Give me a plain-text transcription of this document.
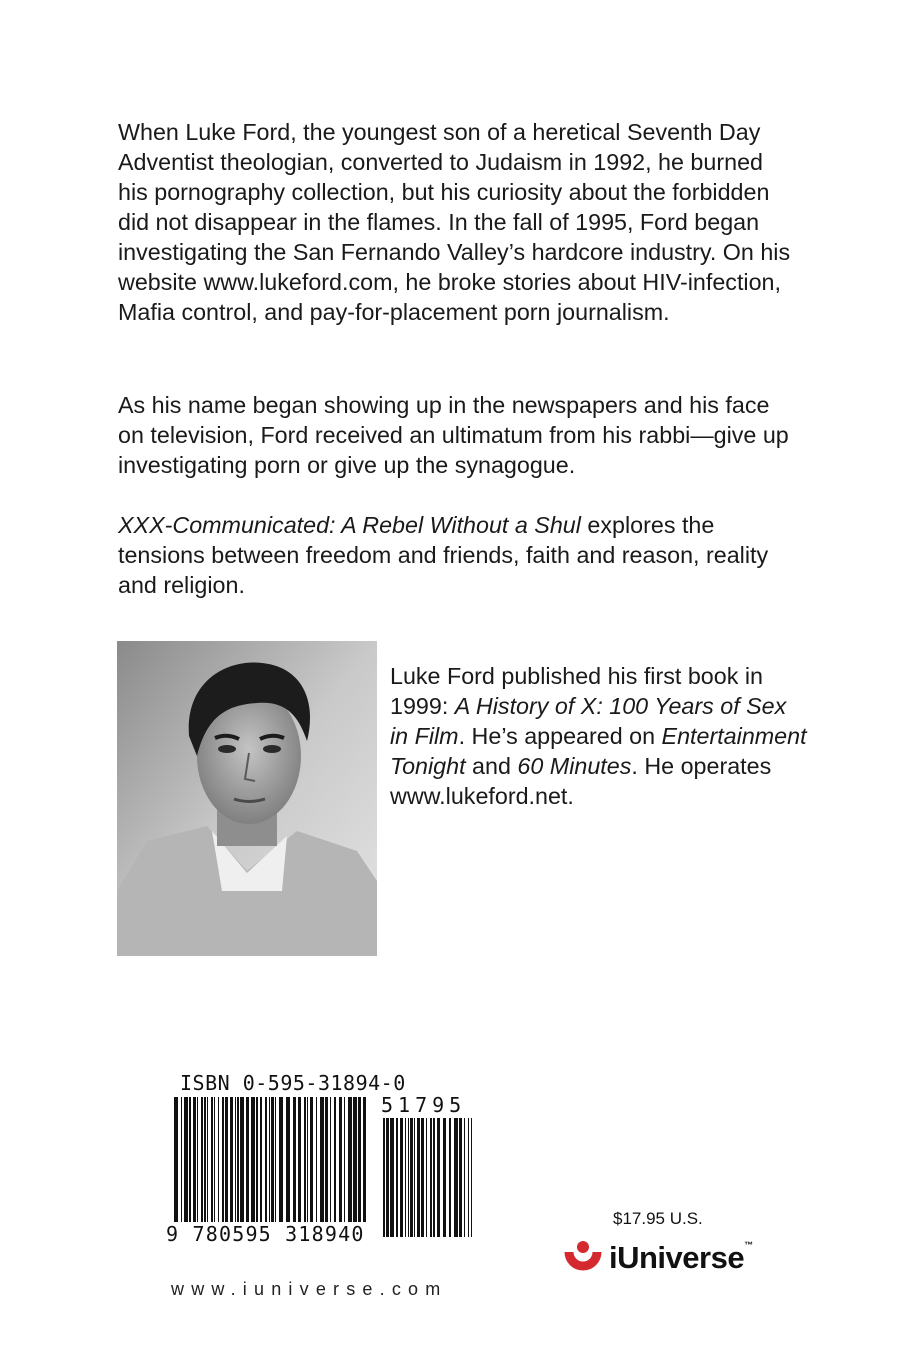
When Luke Ford, the youngest son of a heretical Seventh Day Adventist theologian, converted to Judaism in 1992, he burned his pornography collection, but his curiosity about the forbidden did not disappear in the flames. In the fall of 1995, Ford began investigating the San Fernando Valley’s hardcore industry. On his website www.lukeford.com, he broke stories about HIV-infection, Mafia control, and pay-for-placement porn journalism.

As his name began showing up in the newspapers and his face on television, Ford received an ultimatum from his rabbi—give up investigating porn or give up the synagogue.

XXX-Communicated: A Rebel Without a Shul explores the tensions between freedom and friends, faith and reason, reality and religion.

Luke Ford published his first book in 1999: A History of X: 100 Years of Sex in Film. He’s appeared on Entertainment Tonight and 60 Minutes. He operates www.lukeford.net.

ISBN 0-595-31894-0
51795
9 780595 318940
$17.95 U.S.
iUniverse™
www.iuniverse.com
